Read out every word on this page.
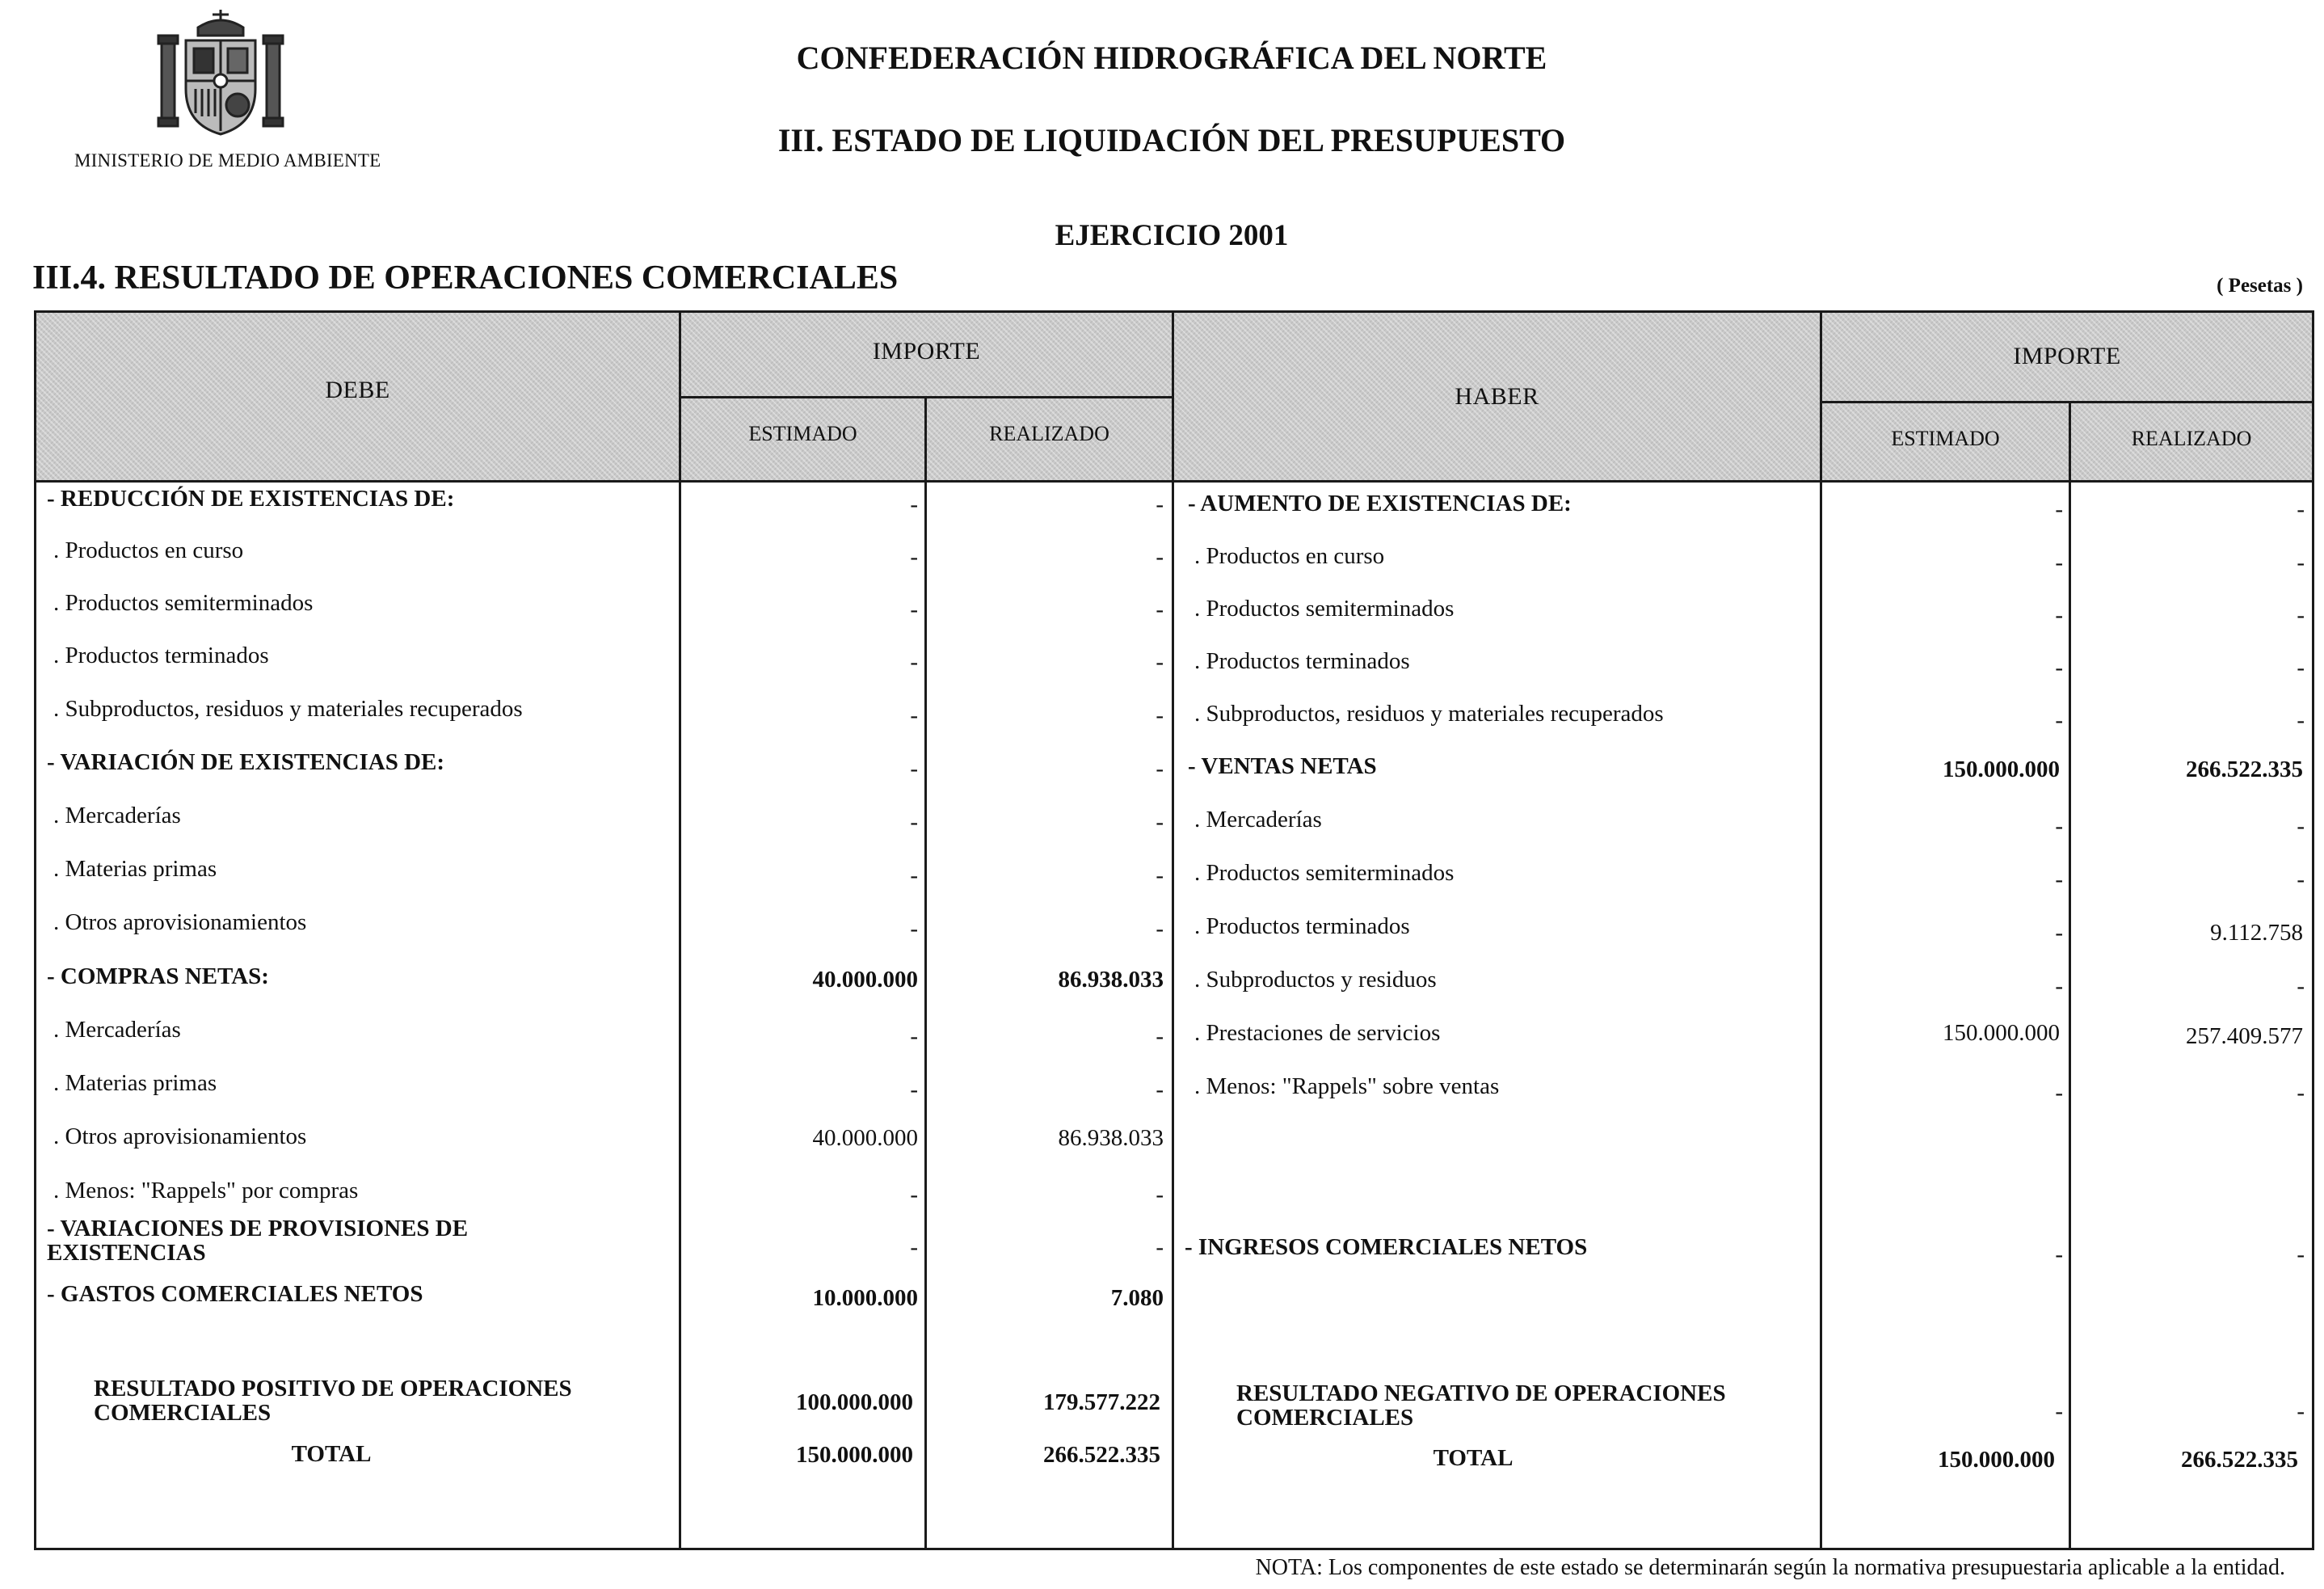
MINISTERIO DE MEDIO AMBIENTE
CONFEDERACIÓN HIDROGRÁFICA DEL NORTE
III. ESTADO DE LIQUIDACIÓN DEL PRESUPUESTO
EJERCICIO 2001
III.4. RESULTADO DE OPERACIONES COMERCIALES	( Pesetas )
DEBE
IMPORTE
ESTIMADO	REALIZADO
HABER
IMPORTE
ESTIMADO	REALIZADO
- REDUCCIÓN DE EXISTENCIAS DE:	-	-
. Productos en curso	-	-
. Productos semiterminados	-	-
. Productos terminados	-	-
. Subproductos, residuos y materiales recuperados	-	-
- VARIACIÓN DE EXISTENCIAS DE:	-	-
. Mercaderías	-	-
. Materias primas	-	-
. Otros aprovisionamientos	-	-
- COMPRAS NETAS:	40.000.000	86.938.033
. Mercaderías	-	-
. Materias primas	-	-
. Otros aprovisionamientos	40.000.000	86.938.033
. Menos: "Rappels" por compras	-	-
- VARIACIONES DE PROVISIONES DE EXISTENCIAS	-	-
- GASTOS COMERCIALES NETOS	10.000.000	7.080
RESULTADO POSITIVO DE OPERACIONES COMERCIALES	100.000.000	179.577.222
TOTAL	150.000.000	266.522.335
- AUMENTO DE EXISTENCIAS DE:	-	-
. Productos en curso	-	-
. Productos semiterminados	-	-
. Productos terminados	-	-
. Subproductos, residuos y materiales recuperados	-	-
- VENTAS NETAS	150.000.000	266.522.335
. Mercaderías	-	-
. Productos semiterminados	-	-
. Productos terminados	-	9.112.758
. Subproductos y residuos	-	-
. Prestaciones de servicios	150.000.000	257.409.577
. Menos: "Rappels" sobre ventas	-	-
- INGRESOS COMERCIALES NETOS	-	-
RESULTADO NEGATIVO DE OPERACIONES COMERCIALES	-	-
TOTAL	150.000.000	266.522.335
NOTA: Los componentes de este estado se determinarán según la normativa presupuestaria aplicable a la entidad.
